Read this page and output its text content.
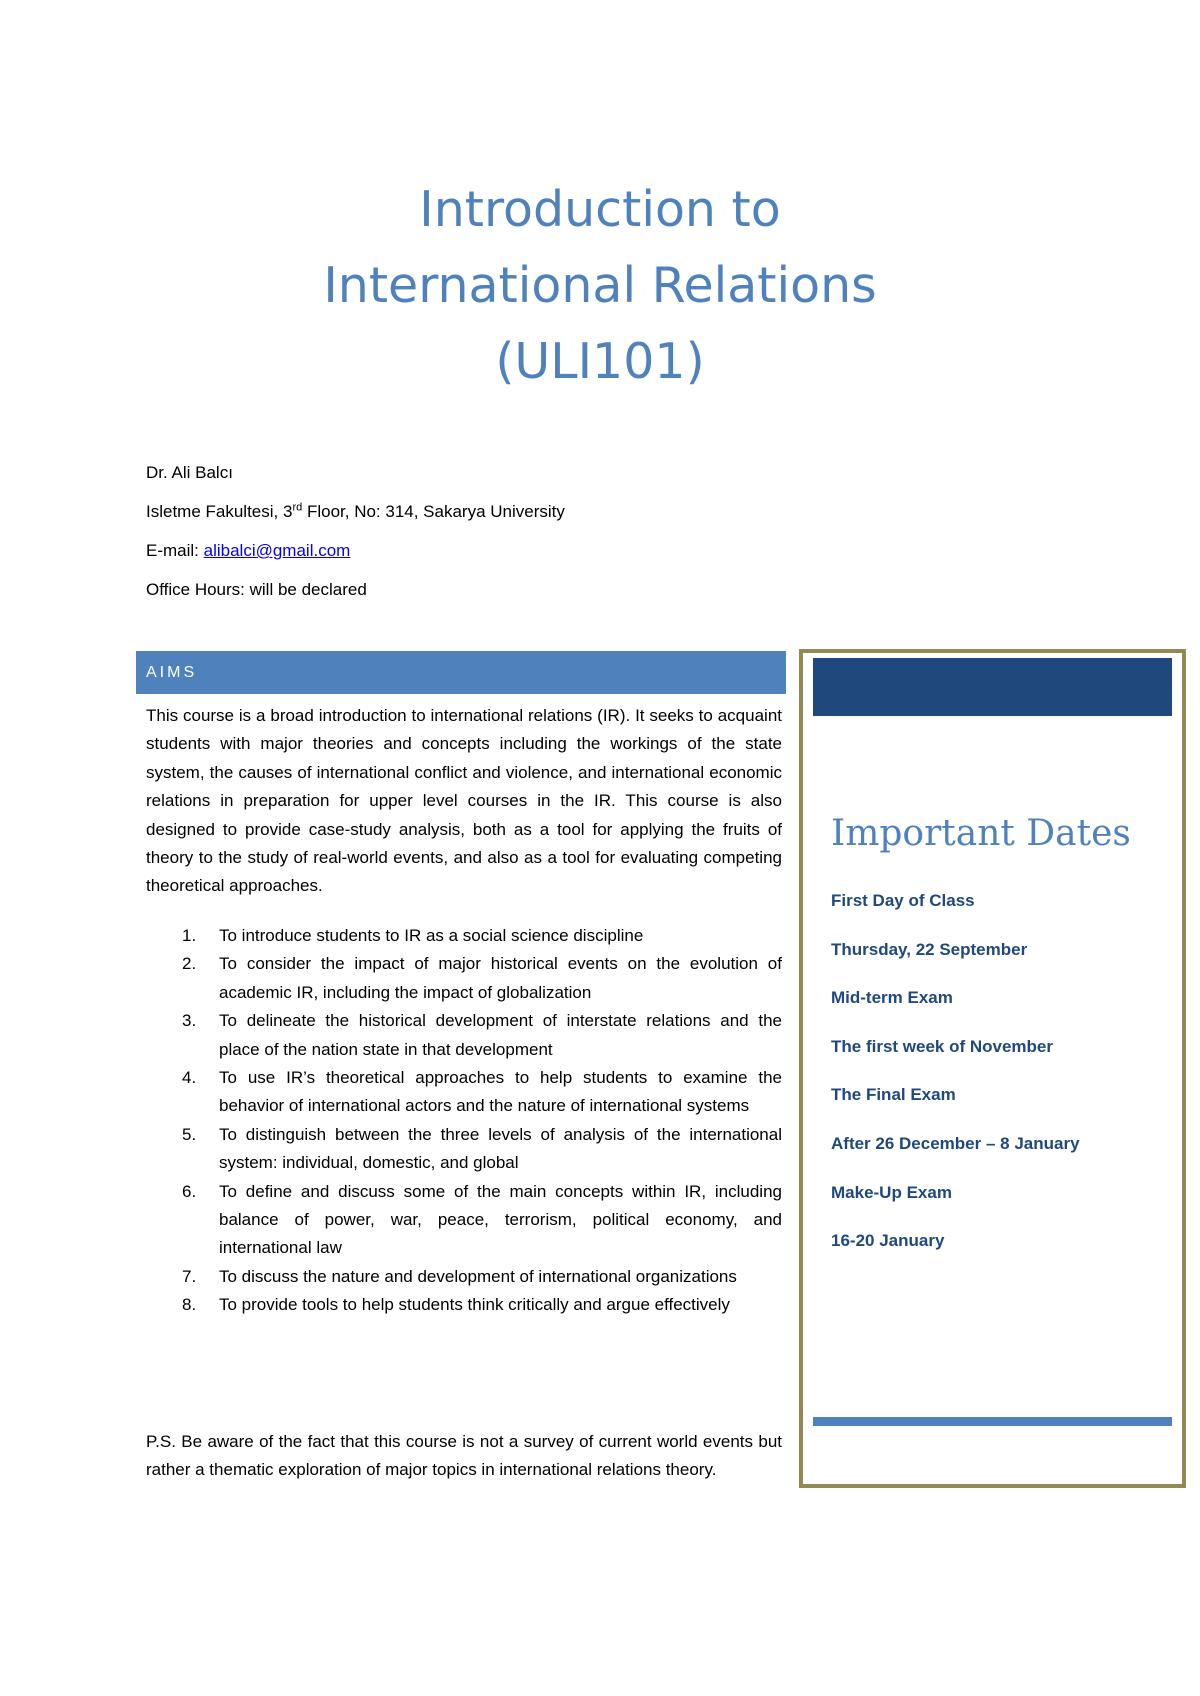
Introduction to
International Relations
(ULI101)
Dr. Ali Balcı
Isletme Fakultesi, 3rd Floor, No: 314, Sakarya University
E-mail: alibalci@gmail.com
Office Hours: will be declared
AIMS

This course is a broad introduction to international relations (IR). It seeks to acquaint students with major theories and concepts including the workings of the state system, the causes of international conflict and violence, and international economic relations in preparation for upper level courses in the IR. This course is also designed to provide case-study analysis, both as a tool for applying the fruits of theory to the study of real-world events, and also as a tool for evaluating competing theoretical approaches.

1. To introduce students to IR as a social science discipline
2. To consider the impact of major historical events on the evolution of academic IR, including the impact of globalization
3. To delineate the historical development of interstate relations and the place of the nation state in that development
4. To use IR’s theoretical approaches to help students to examine the behavior of international actors and the nature of international systems
5. To distinguish between the three levels of analysis of the international system: individual, domestic, and global
6. To define and discuss some of the main concepts within IR, including balance of power, war, peace, terrorism, political economy, and international law
7. To discuss the nature and development of international organizations
8. To provide tools to help students think critically and argue effectively

P.S. Be aware of the fact that this course is not a survey of current world events but rather a thematic exploration of major topics in international relations theory.

Important Dates
First Day of Class
Thursday, 22 September
Mid-term Exam
The first week of November
The Final Exam
After 26 December – 8 January
Make-Up Exam
16-20 January
